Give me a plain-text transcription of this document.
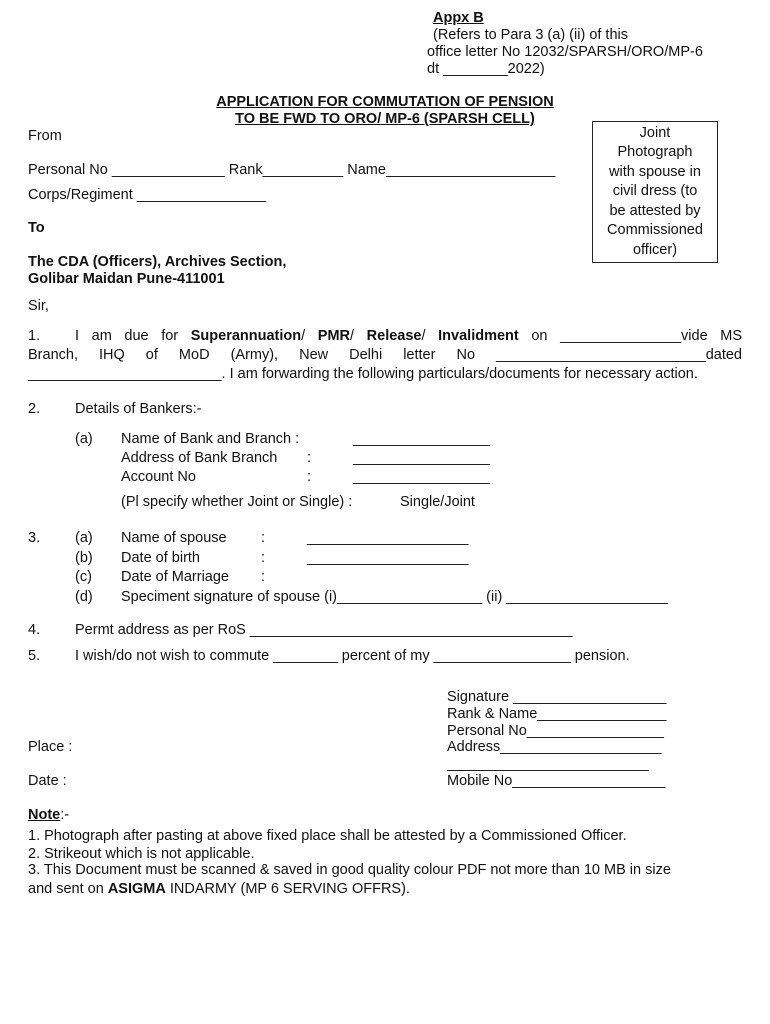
Appx B
(Refers to Para 3 (a) (ii) of this
office letter No 12032/SPARSH/ORO/MP-6
dt ________2022)
APPLICATION FOR COMMUTATION OF PENSION
TO BE FWD TO ORO/ MP-6 (SPARSH CELL)
Joint
Photograph
with spouse in
civil dress (to
be attested by
Commissioned
officer)
From
Personal No ______________ Rank__________ Name_____________________
Corps/Regiment ________________
To
The CDA (Officers), Archives Section,
Golibar Maidan Pune-411001
Sir,
1. I am due for Superannuation/ PMR/ Release/ Invalidment on _______________vide MS
Branch, IHQ of MoD (Army), New Delhi letter No __________________________dated
________________________. I am forwarding the following particulars/documents for necessary action.
2. Details of Bankers:-
(a) Name of Bank and Branch :	_________________
Address of Bank Branch :	_________________
Account No	:	_________________
(Pl specify whether Joint or Single) :	Single/Joint
3. (a) Name of spouse :	____________________
(b) Date of birth	:	____________________
(c) Date of Marriage :
(d) Speciment signature of spouse (i)__________________ (ii) ____________________
4. Permt address as per RoS ________________________________________
5. I wish/do not wish to commute ________ percent of my _________________ pension.
Signature ___________________
Rank & Name________________
Personal No_________________
Address____________________
_________________________
Mobile No___________________
Place :
Date :
Note:-
1. Photograph after pasting at above fixed place shall be attested by a Commissioned Officer.
2. Strikeout which is not applicable.
3. This Document must be scanned & saved in good quality colour PDF not more than 10 MB in size
and sent on ASIGMA INDARMY (MP 6 SERVING OFFRS).
